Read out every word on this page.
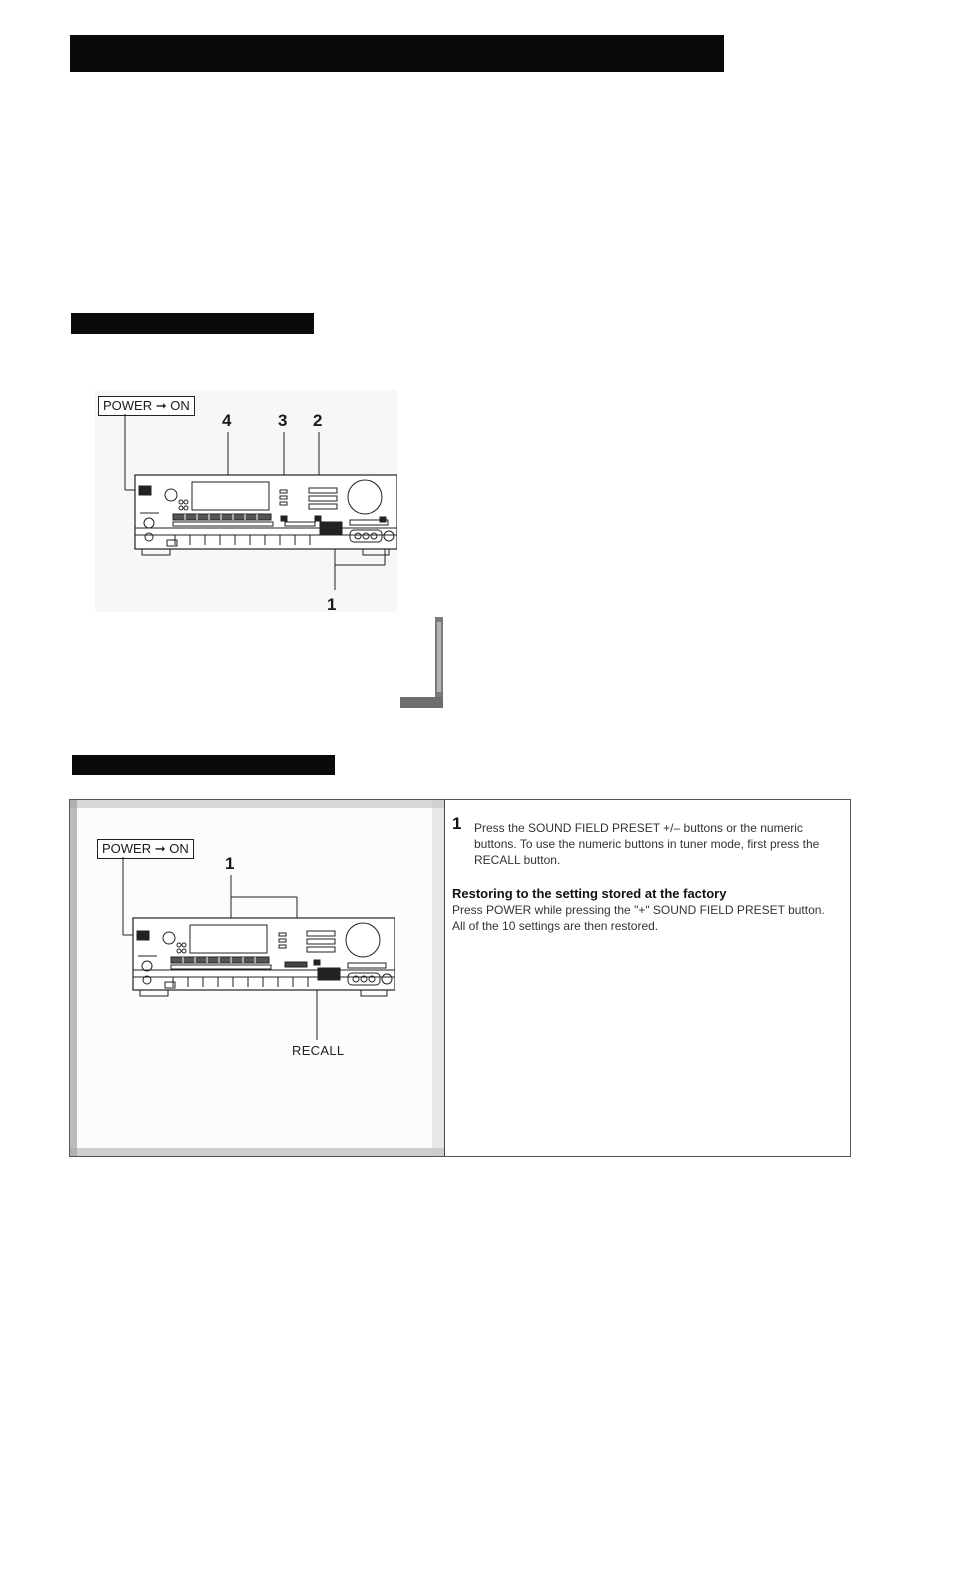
POWER ➞ ON
4	3 2
1
1 Press the SOUND FIELD PRESET +/– buttons or the numeric buttons. To use the numeric buttons in tuner mode, first press the RECALL button.
Restoring to the setting stored at the factory
Press POWER while pressing the "+" SOUND FIELD PRESET button.
All of the 10 settings are then restored.
POWER ➞ ON
1
RECALL
